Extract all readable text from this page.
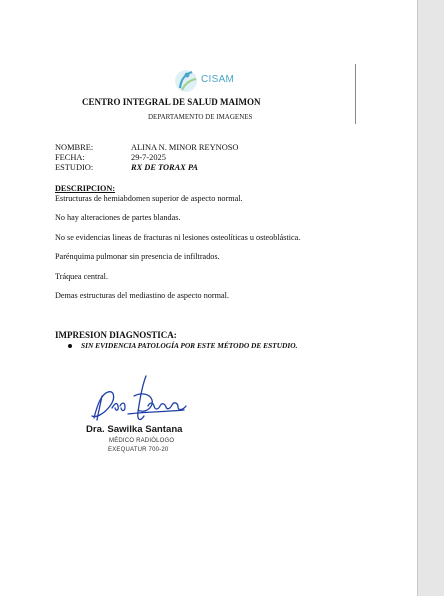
CISAM
CENTRO INTEGRAL DE SALUD MAIMON
DEPARTAMENTO DE IMAGENES
NOMBRE:	ALINA N. MINOR REYNOSO
FECHA:	29-7-2025
ESTUDIO:	RX DE TORAX PA
DESCRIPCION:

Estructuras de hemiabdomen superior de aspecto normal.

No hay alteraciones de partes blandas.

No se evidencias lineas de fracturas ni lesiones osteolíticas u osteoblástica.

Parénquima pulmonar sin presencia de infiltrados.

Tráquea central.

Demas estructuras del mediastino de aspecto normal.

IMPRESION DIAGNOSTICA:
SIN EVIDENCIA PATOLOGÍA POR ESTE MÉTODO DE ESTUDIO.
Dra. Sawilka Santana
MÉDICO RADIÓLOGO
EXEQUATUR 700-20
